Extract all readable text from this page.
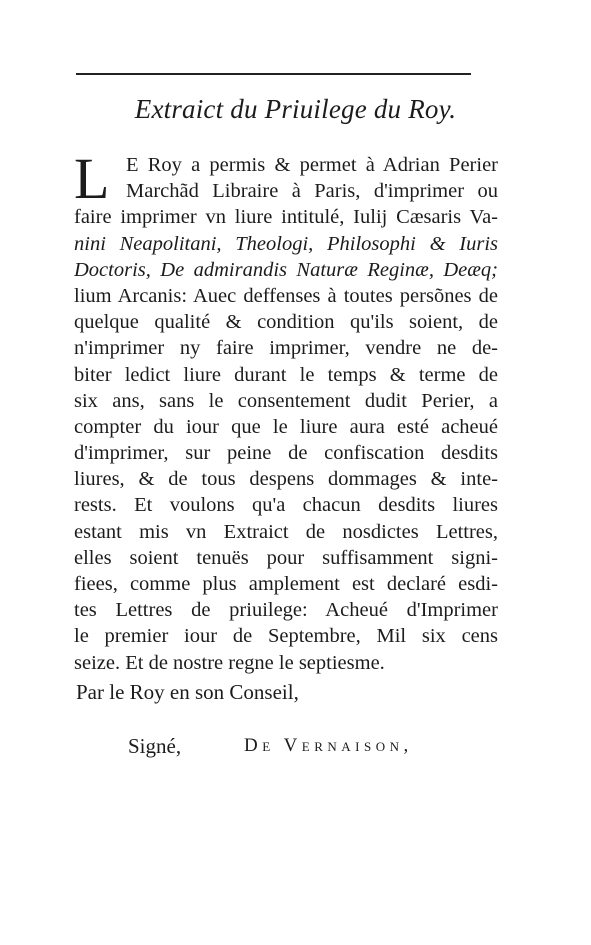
Extraict du Priuilege du Roy.
L E Roy a permis & permet à Adrian Perier
Marchãd Libraire à Paris, d'imprimer ou
faire imprimer vn liure intitulé, Iulij Cæsaris Va-
nini Neapolitani, Theologi, Philosophi & Iuris
Doctoris, De admirandis Naturæ Reginæ, Deæq;
lium Arcanis: Auec deffenses à toutes persõnes de
quelque qualité & condition qu'ils soient, de
n'imprimer ny faire imprimer, vendre ne de-
biter ledict liure durant le temps & terme de
six ans, sans le consentement dudit Perier, a
compter du iour que le liure aura esté acheué
d'imprimer, sur peine de confiscation desdits
liures, & de tous despens dommages & inte-
rests. Et voulons qu'a chacun desdits liures
estant mis vn Extraict de nosdictes Lettres,
elles soient tenuës pour suffisamment signi-
fiees, comme plus amplement est declaré esdi-
tes Lettres de priuilege: Acheué d'Imprimer
le premier iour de Septembre, Mil six cens
seize. Et de nostre regne le septiesme.
Par le Roy en son Conseil,
Signé,	De Vernaison,
